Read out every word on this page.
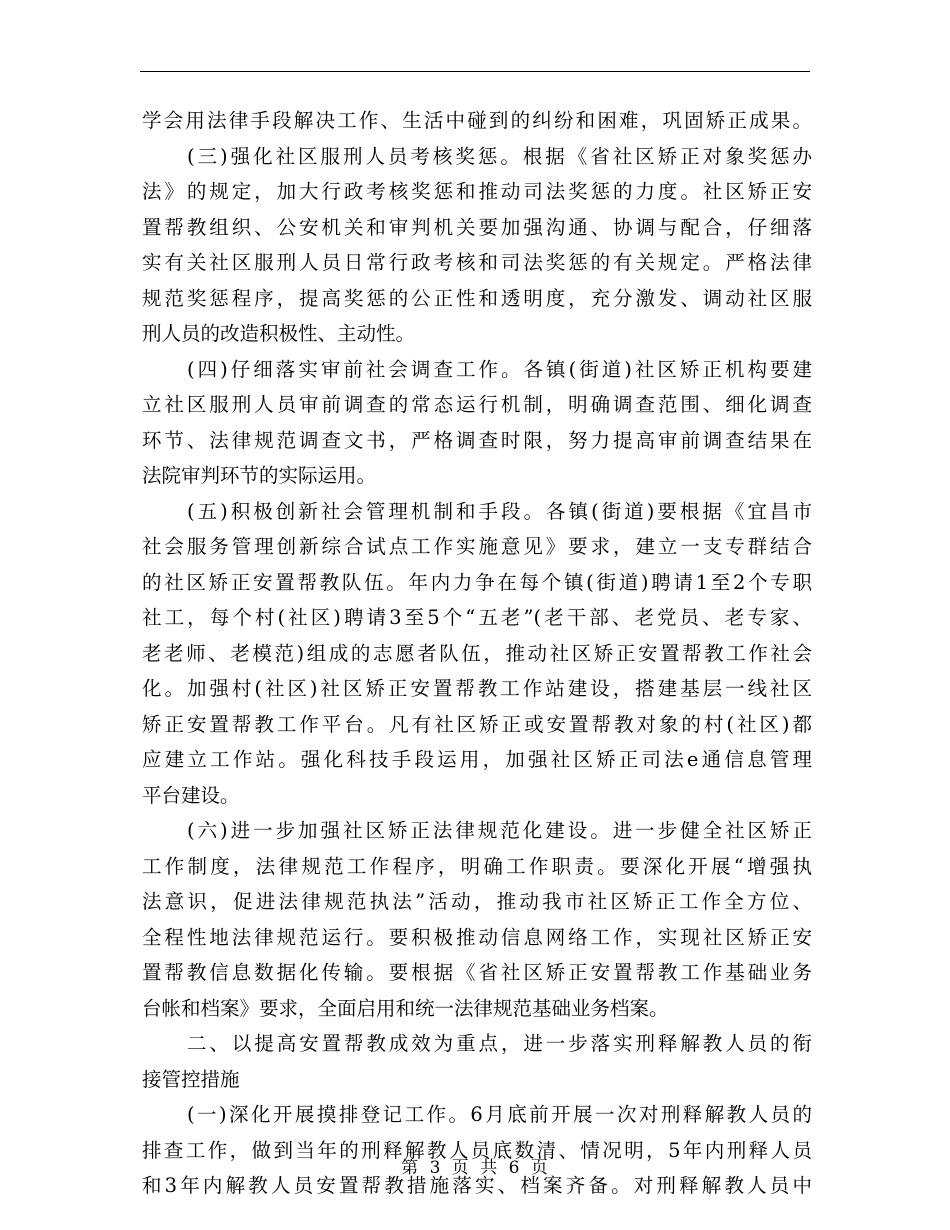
学会用法律手段解决工作、生活中碰到的纠纷和困难，巩固矫正成果。
(三)强化社区服刑人员考核奖惩。根据《省社区矫正对象奖惩办
法》的规定，加大行政考核奖惩和推动司法奖惩的力度。社区矫正安
置帮教组织、公安机关和审判机关要加强沟通、协调与配合，仔细落
实有关社区服刑人员日常行政考核和司法奖惩的有关规定。严格法律
规范奖惩程序，提高奖惩的公正性和透明度，充分激发、调动社区服
刑人员的改造积极性、主动性。
(四)仔细落实审前社会调查工作。各镇(街道)社区矫正机构要建
立社区服刑人员审前调查的常态运行机制，明确调查范围、细化调查
环节、法律规范调查文书，严格调查时限，努力提高审前调查结果在
法院审判环节的实际运用。
(五)积极创新社会管理机制和手段。各镇(街道)要根据《宜昌市
社会服务管理创新综合试点工作实施意见》要求，建立一支专群结合
的社区矫正安置帮教队伍。年内力争在每个镇(街道)聘请1至2个专职
社工，每个村(社区)聘请3至5个“五老”(老干部、老党员、老专家、
老老师、老模范)组成的志愿者队伍，推动社区矫正安置帮教工作社会
化。加强村(社区)社区矫正安置帮教工作站建设，搭建基层一线社区
矫正安置帮教工作平台。凡有社区矫正或安置帮教对象的村(社区)都
应建立工作站。强化科技手段运用，加强社区矫正司法e通信息管理
平台建设。
(六)进一步加强社区矫正法律规范化建设。进一步健全社区矫正
工作制度，法律规范工作程序，明确工作职责。要深化开展“增强执
法意识，促进法律规范执法”活动，推动我市社区矫正工作全方位、
全程性地法律规范运行。要积极推动信息网络工作，实现社区矫正安
置帮教信息数据化传输。要根据《省社区矫正安置帮教工作基础业务
台帐和档案》要求，全面启用和统一法律规范基础业务档案。
二、以提高安置帮教成效为重点，进一步落实刑释解教人员的衔
接管控措施
(一)深化开展摸排登记工作。6月底前开展一次对刑释解教人员的
排查工作，做到当年的刑释解教人员底数清、情况明，5年内刑释人员
和3年内解教人员安置帮教措施落实、档案齐备。对刑释解教人员中
第 3 页 共 6 页
